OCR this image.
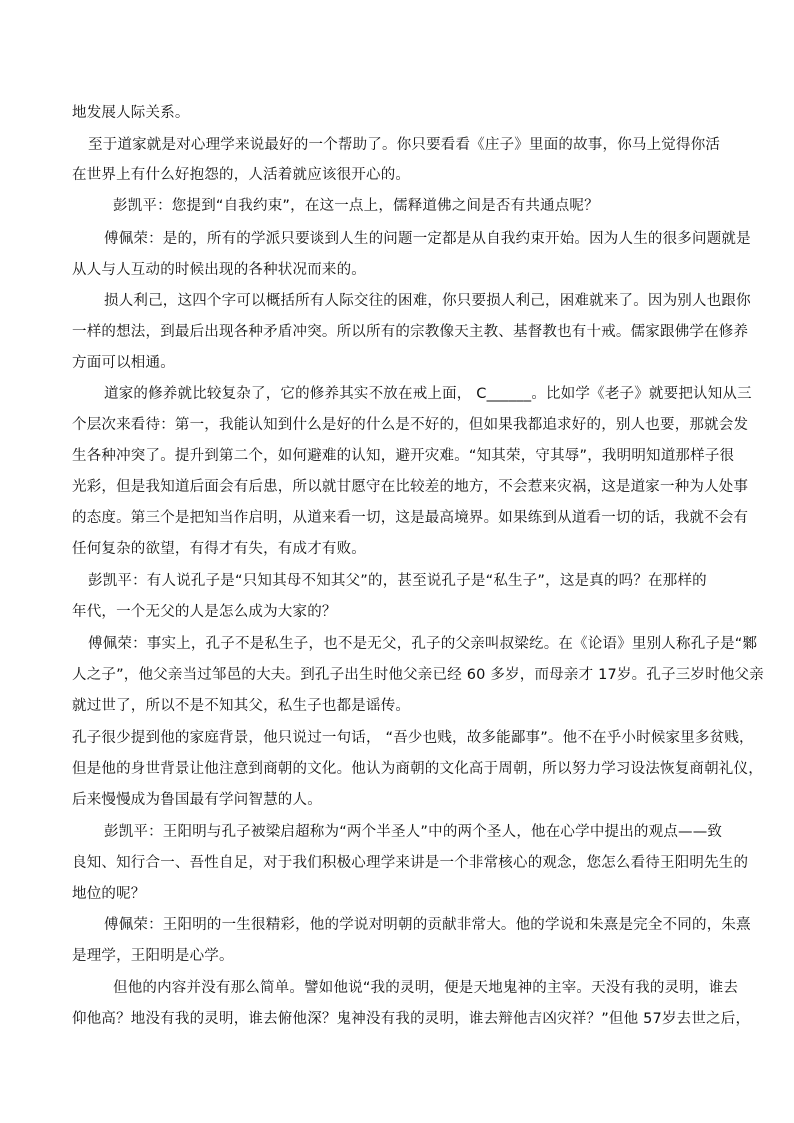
地发展人际关系。
至于道家就是对心理学来说最好的一个帮助了。你只要看看《庄子》里面的故事，你马上觉得你活
在世界上有什么好抱怨的，人活着就应该很开心的。
彭凯平：您提到“自我约束”，在这一点上，儒释道佛之间是否有共通点呢？
傅佩荣：是的，所有的学派只要谈到人生的问题一定都是从自我约束开始。因为人生的很多问题就是
从人与人互动的时候出现的各种状况而来的。
损人利己，这四个字可以概括所有人际交往的困难，你只要损人利己，困难就来了。因为别人也跟你
一样的想法，到最后出现各种矛盾冲突。所以所有的宗教像天主教、基督教也有十戒。儒家跟佛学在修养
方面可以相通。
道家的修养就比较复杂了，它的修养其实不放在戒上面， C______。比如学《老子》就要把认知从三
个层次来看待：第一，我能认知到什么是好的什么是不好的，但如果我都追求好的，别人也要，那就会发
生各种冲突了。提升到第二个，如何避难的认知，避开灾难。“知其荣，守其辱”，我明明知道那样子很
光彩，但是我知道后面会有后患，所以就甘愿守在比较差的地方，不会惹来灾祸，这是道家一种为人处事
的态度。第三个是把知当作启明，从道来看一切，这是最高境界。如果练到从道看一切的话，我就不会有
任何复杂的欲望，有得才有失，有成才有败。
彭凯平：有人说孔子是“只知其母不知其父”的，甚至说孔子是“私生子”，这是真的吗？在那样的
年代，一个无父的人是怎么成为大家的？
傅佩荣：事实上，孔子不是私生子，也不是无父，孔子的父亲叫叔梁纥。在《论语》里别人称孔子是“鄹
人之子”，他父亲当过邹邑的大夫。到孔子出生时他父亲已经 60 多岁，而母亲才 17岁。孔子三岁时他父亲
就过世了，所以不是不知其父，私生子也都是谣传。
孔子很少提到他的家庭背景，他只说过一句话， “吾少也贱，故多能鄙事”。他不在乎小时候家里多贫贱，
但是他的身世背景让他注意到商朝的文化。他认为商朝的文化高于周朝，所以努力学习设法恢复商朝礼仪，
后来慢慢成为鲁国最有学问智慧的人。
彭凯平：王阳明与孔子被梁启超称为“两个半圣人”中的两个圣人，他在心学中提出的观点——致
良知、知行合一、吾性自足，对于我们积极心理学来讲是一个非常核心的观念，您怎么看待王阳明先生的
地位的呢？
傅佩荣：王阳明的一生很精彩，他的学说对明朝的贡献非常大。他的学说和朱熹是完全不同的，朱熹
是理学，王阳明是心学。
但他的内容并没有那么简单。譬如他说“我的灵明，便是天地鬼神的主宰。天没有我的灵明，谁去
仰他高？地没有我的灵明，谁去俯他深？鬼神没有我的灵明，谁去辩他吉凶灾祥？”但他 57岁去世之后，
